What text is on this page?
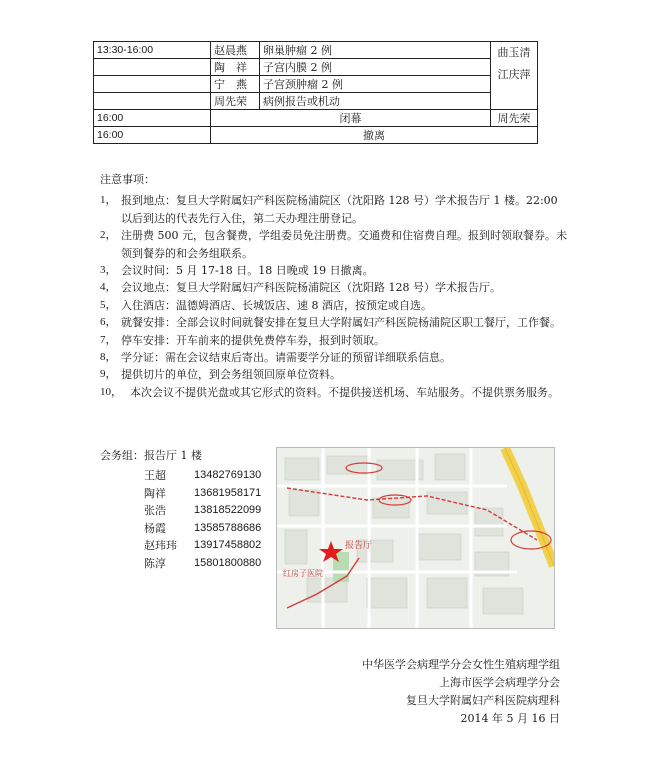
13:30-16:00	赵晨燕	卵巢肿瘤 2 例	曲玉清
江庆萍

	陶　祥	子宫内膜 2 例	
	宁　燕	子宫颈肿瘤 2 例	
	周先荣	病例报告或机动	
16:00	闭幕		周先荣
16:00	撤离		
注意事项：
1， 报到地点：复旦大学附属妇产科医院杨浦院区（沈阳路 128 号）学术报告厅 1 楼。22:00 以后到达的代表先行入住，第二天办理注册登记。
2， 注册费 500 元，包含餐费，学组委员免注册费。交通费和住宿费自理。报到时领取餐券。未领到餐券的和会务组联系。
3， 会议时间：5 月 17-18 日。18 日晚或 19 日撤离。
4， 会议地点：复旦大学附属妇产科医院杨浦院区（沈阳路 128 号）学术报告厅。
5， 入住酒店：温德姆酒店、长城饭店、速 8 酒店，按预定或自选。
6， 就餐安排：全部会议时间就餐安排在复旦大学附属妇产科医院杨浦院区职工餐厅，工作餐。
7， 停车安排：开车前来的提供免费停车券，报到时领取。
8， 学分证：需在会议结束后寄出。请需要学分证的预留详细联系信息。
9， 提供切片的单位，到会务组领回原单位资料。
10， 本次会议不提供光盘或其它形式的资料。不提供接送机场、车站服务。不提供票务服务。
会务组：报告厅 1 楼
王超	13482769130
陶祥	13681958171
张浩	13818522099
杨霞	13585788686
赵玮玮 13917458802
陈淳	15801800880
报告厅
红房子医院
中华医学会病理学分会女性生殖病理学组
上海市医学会病理学分会
复旦大学附属妇产科医院病理科
2014 年 5 月 16 日
